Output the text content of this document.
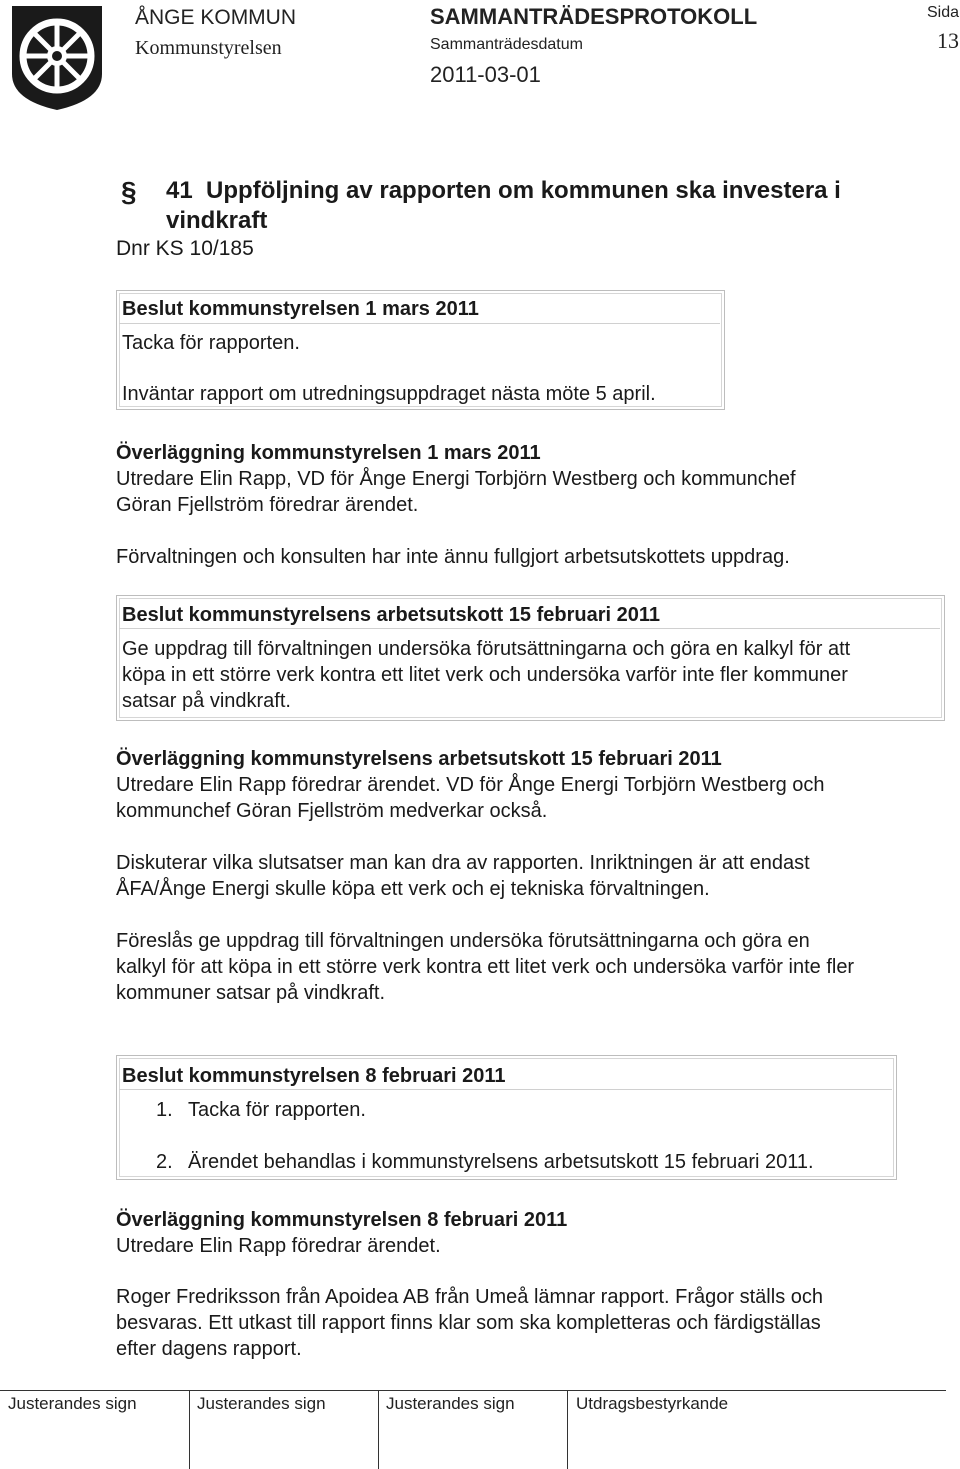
ÅNGE KOMMUN
Kommunstyrelsen
SAMMANTRÄDESPROTOKOLL
Sammanträdesdatum
2011-03-01
Sida
13
§ 41 Uppföljning av rapporten om kommunen ska investera i vindkraft
Dnr KS 10/185
Beslut kommunstyrelsen 1 mars 2011
Tacka för rapporten.
Inväntar rapport om utredningsuppdraget nästa möte 5 april.
Överläggning kommunstyrelsen 1 mars 2011
Utredare Elin Rapp, VD för Ånge Energi Torbjörn Westberg och kommunchef
Göran Fjellström föredrar ärendet.
Förvaltningen och konsulten har inte ännu fullgjort arbetsutskottets uppdrag.
Beslut kommunstyrelsens arbetsutskott 15 februari 2011
Ge uppdrag till förvaltningen undersöka förutsättningarna och göra en kalkyl för att
köpa in ett större verk kontra ett litet verk och undersöka varför inte fler kommuner
satsar på vindkraft.
Överläggning kommunstyrelsens arbetsutskott 15 februari 2011
Utredare Elin Rapp föredrar ärendet. VD för Ånge Energi Torbjörn Westberg och
kommunchef Göran Fjellström medverkar också.
Diskuterar vilka slutsatser man kan dra av rapporten. Inriktningen är att endast
ÅFA/Ånge Energi skulle köpa ett verk och ej tekniska förvaltningen.
Föreslås ge uppdrag till förvaltningen undersöka förutsättningarna och göra en
kalkyl för att köpa in ett större verk kontra ett litet verk och undersöka varför inte fler
kommuner satsar på vindkraft.
Beslut kommunstyrelsen 8 februari 2011
1. Tacka för rapporten.
2. Ärendet behandlas i kommunstyrelsens arbetsutskott 15 februari 2011.
Överläggning kommunstyrelsen 8 februari 2011
Utredare Elin Rapp föredrar ärendet.
Roger Fredriksson från Apoidea AB från Umeå lämnar rapport. Frågor ställs och
besvaras. Ett utkast till rapport finns klar som ska kompletteras och färdigställas
efter dagens rapport.
Justerandes sign	Justerandes sign	Justerandes sign	Utdragsbestyrkande
